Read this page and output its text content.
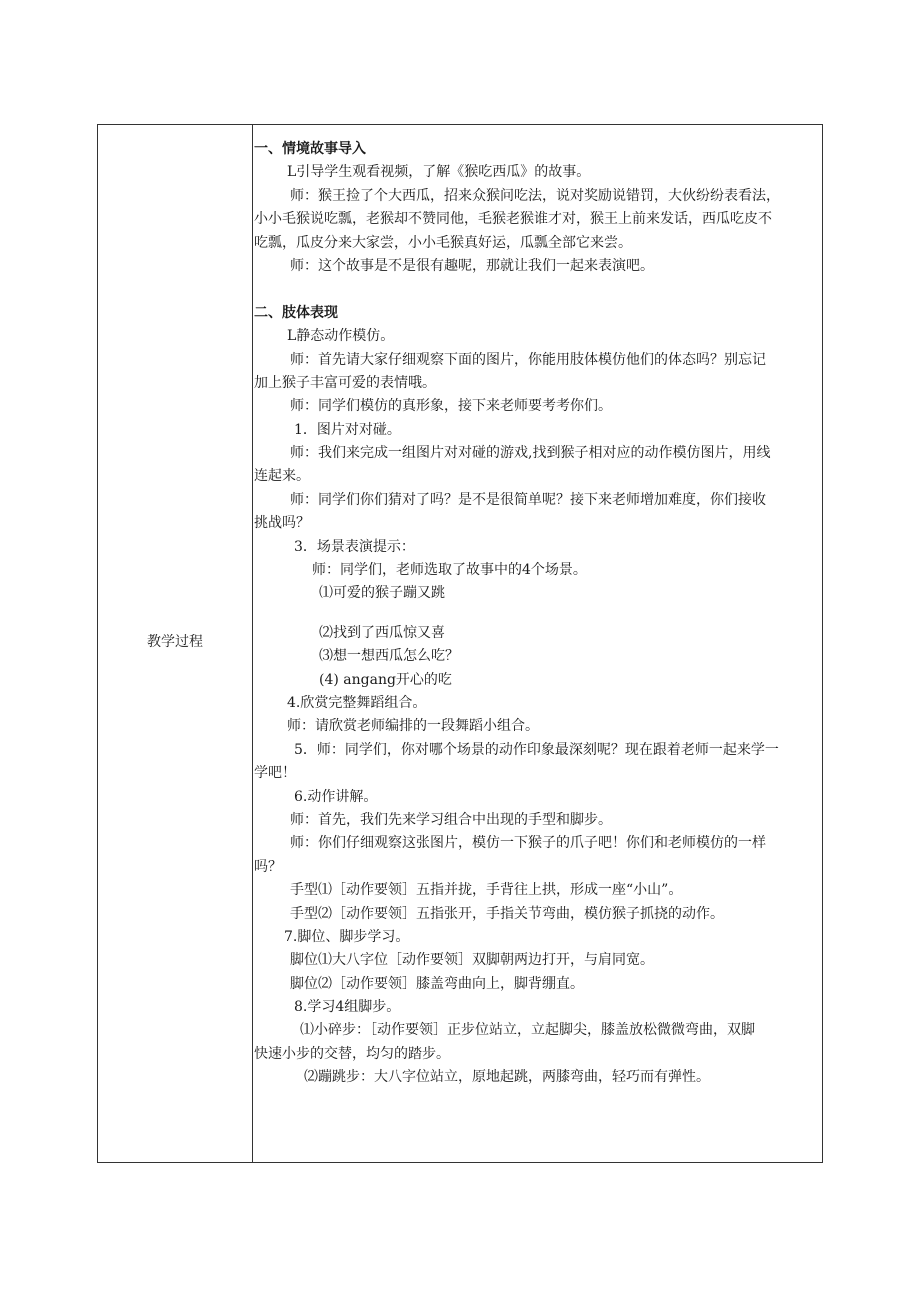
教学过程
一、情境故事导入
L引导学生观看视频，了解《猴吃西瓜》的故事。
师：猴王捡了个大西瓜，招来众猴问吃法，说对奖励说错罚，大伙纷纷表看法，
小小毛猴说吃瓢，老猴却不赞同他，毛猴老猴谁才对，猴王上前来发话，西瓜吃皮不
吃瓢，瓜皮分来大家尝，小小毛猴真好运，瓜瓢全部它来尝。
师：这个故事是不是很有趣呢，那就让我们一起来表演吧。
二、肢体表现
L静态动作模仿。
师：首先请大家仔细观察下面的图片，你能用肢体模仿他们的体态吗？别忘记
加上猴子丰富可爱的表情哦。
师：同学们模仿的真形象，接下来老师要考考你们。
1．图片对对碰。
师：我们来完成一组图片对对碰的游戏,找到猴子相对应的动作模仿图片，用线
连起来。
师：同学们你们猜对了吗？是不是很简单呢？接下来老师增加难度，你们接收
挑战吗？
3．场景表演提示：
师：同学们，老师选取了故事中的4个场景。
⑴可爱的猴子蹦又跳
⑵找到了西瓜惊又喜
⑶想一想西瓜怎么吃？
(4) angang开心的吃
4.欣赏完整舞蹈组合。
师：请欣赏老师编排的一段舞蹈小组合。
5．师：同学们，你对哪个场景的动作印象最深刻呢？现在跟着老师一起来学一
学吧！
6.动作讲解。
师：首先，我们先来学习组合中出现的手型和脚步。
师：你们仔细观察这张图片，模仿一下猴子的爪子吧！你们和老师模仿的一样
吗？
手型⑴［动作要领］五指并拢，手背往上拱，形成一座“小山”。
手型⑵［动作要领］五指张开，手指关节弯曲，模仿猴子抓挠的动作。
7.脚位、脚步学习。
脚位⑴大八字位［动作要领］双脚朝两边打开，与肩同宽。
脚位⑵［动作要领］膝盖弯曲向上，脚背绷直。
8.学习4组脚步。
⑴小碎步：［动作要领］正步位站立，立起脚尖，膝盖放松微微弯曲，双脚
快速小步的交替，均匀的踏步。
⑵蹦跳步：大八字位站立，原地起跳，两膝弯曲，轻巧而有弹性。
